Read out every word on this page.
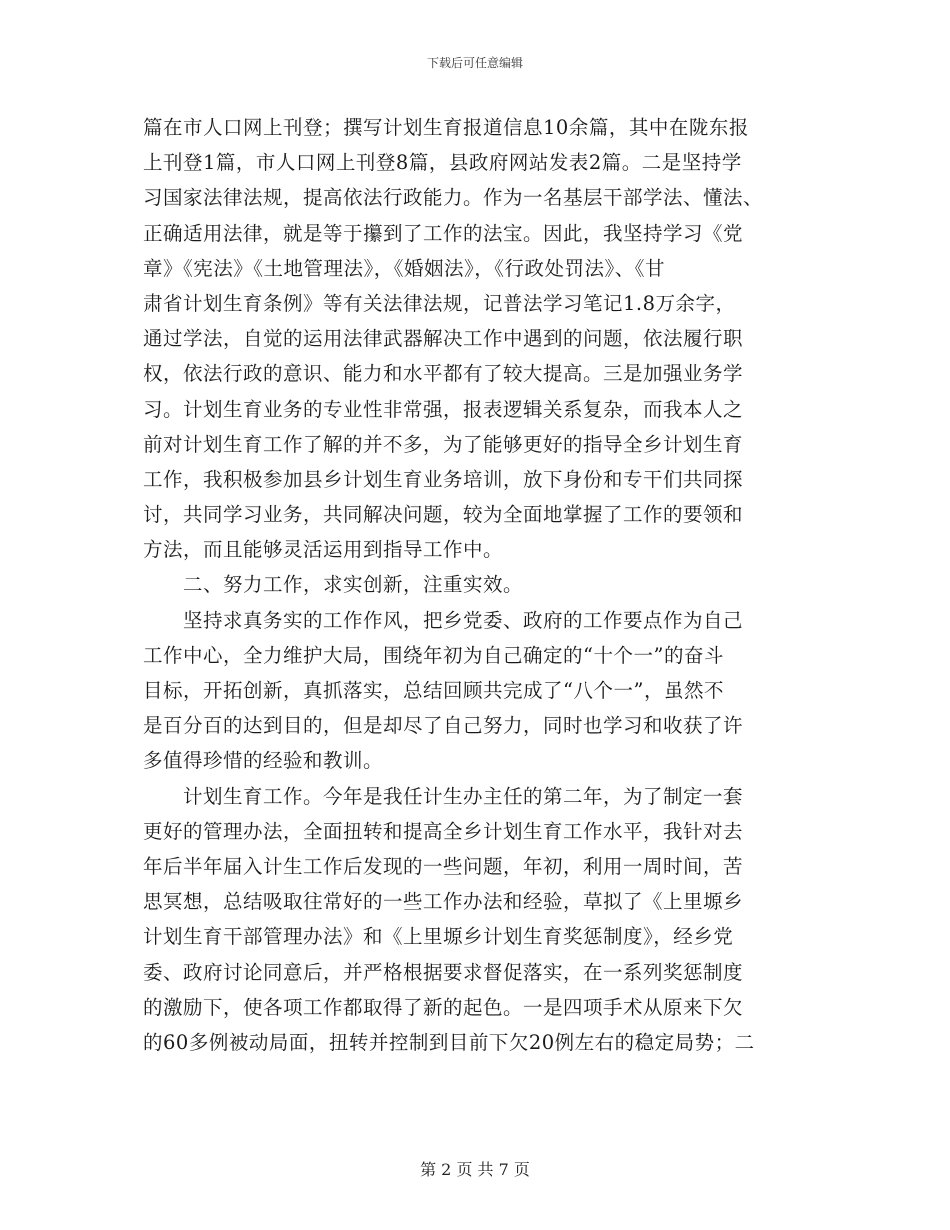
下载后可任意编辑
篇在市人口网上刊登；撰写计划生育报道信息10余篇，其中在陇东报
上刊登1篇，市人口网上刊登8篇，县政府网站发表2篇。二是坚持学
习国家法律法规，提高依法行政能力。作为一名基层干部学法、懂法、
正确适用法律，就是等于攥到了工作的法宝。因此，我坚持学习《党
章》《宪法》《土地管理法》，《婚姻法》，《行政处罚法》、《甘
肃省计划生育条例》等有关法律法规，记普法学习笔记1.8万余字，
通过学法，自觉的运用法律武器解决工作中遇到的问题，依法履行职
权，依法行政的意识、能力和水平都有了较大提高。三是加强业务学
习。计划生育业务的专业性非常强，报表逻辑关系复杂，而我本人之
前对计划生育工作了解的并不多，为了能够更好的指导全乡计划生育
工作，我积极参加县乡计划生育业务培训，放下身份和专干们共同探
讨，共同学习业务，共同解决问题，较为全面地掌握了工作的要领和
方法，而且能够灵活运用到指导工作中。
　　二、努力工作，求实创新，注重实效。
　　坚持求真务实的工作作风，把乡党委、政府的工作要点作为自己
工作中心，全力维护大局，围绕年初为自己确定的“十个一”的奋斗
目标，开拓创新，真抓落实，总结回顾共完成了“八个一”，虽然不
是百分百的达到目的，但是却尽了自己努力，同时也学习和收获了许
多值得珍惜的经验和教训。
　　计划生育工作。今年是我任计生办主任的第二年，为了制定一套
更好的管理办法，全面扭转和提高全乡计划生育工作水平，我针对去
年后半年届入计生工作后发现的一些问题，年初，利用一周时间，苦
思冥想，总结吸取往常好的一些工作办法和经验，草拟了《上里塬乡
计划生育干部管理办法》和《上里塬乡计划生育奖惩制度》，经乡党
委、政府讨论同意后，并严格根据要求督促落实，在一系列奖惩制度
的激励下，使各项工作都取得了新的起色。一是四项手术从原来下欠
的60多例被动局面，扭转并控制到目前下欠20例左右的稳定局势；二
第 2 页 共 7 页
